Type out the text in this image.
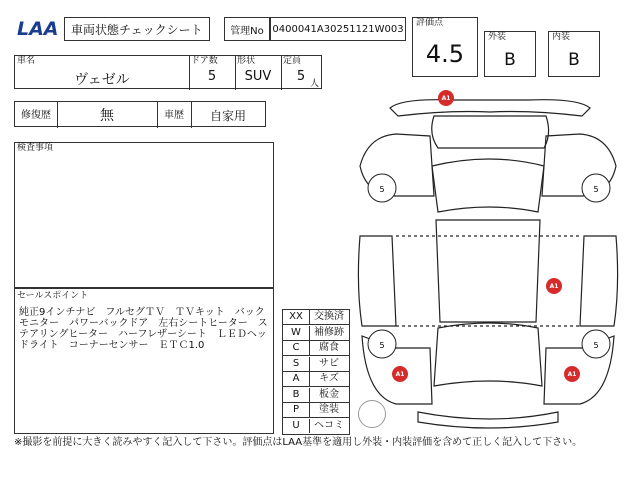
LAA 車両状態チェックシート	管理No 0400041A30251121W003
評価点
4.5
外装
B
内装
B
車名
ヴェゼル
ドア数
5
形状
SUV
定員
5 人
修復歴	無	車歴	自家用
検査事項
セールスポイント
純正9インチナビ　フルセグＴＶ　ＴＶキット　バックモニター　パワーバックドア　左右シートヒーター　ステアリングヒーター　ハーフレザーシート　ＬＥＤヘッドライト　コーナーセンサー　ＥＴＣ1.0
XX	交換済
W	補修跡
C	腐食
S	サビ
A	キズ
B	板金
P	塗装
U	ヘコミ
5	5
5	5
A1
A1
A1	A1
※撮影を前提に大きく読みやすく記入して下さい。評価点はLAA基準を適用し外装・内装評価を含めて正しく記入して下さい。
